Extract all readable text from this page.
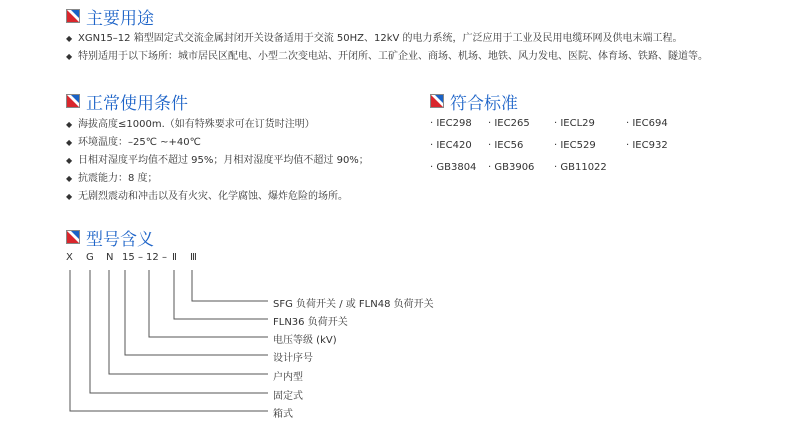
主要用途
◆ XGN15–12 箱型固定式交流金属封闭开关设备适用于交流 50HZ、12kV 的电力系统，广泛应用于工业及民用电缆环网及供电末端工程。
◆ 特别适用于以下场所：城市居民区配电、小型二次变电站、开闭所、工矿企业、商场、机场、地铁、风力发电、医院、体育场、铁路、隧道等。
正常使用条件
◆ 海拔高度≤1000m.（如有特殊要求可在订货时注明）
◆ 环境温度：–25℃ ~+40℃
◆ 日相对湿度平均值不超过 95%；月相对湿度平均值不超过 90%；
◆ 抗震能力：8 度；
◆ 无剧烈震动和冲击以及有火灾、化学腐蚀、爆炸危险的场所。
符合标准
· IEC298 · IEC265 · IECL29	· IEC694
· IEC420 · IEC56	· IEC529	· IEC932
· GB3804 · GB3906 · GB11022
型号含义
X G N 15 – 12 – Ⅱ Ⅲ
SFG 负荷开关 / 或 FLN48 负荷开关
FLN36 负荷开关
电压等级 (kV)
设计序号
户内型
固定式
箱式
